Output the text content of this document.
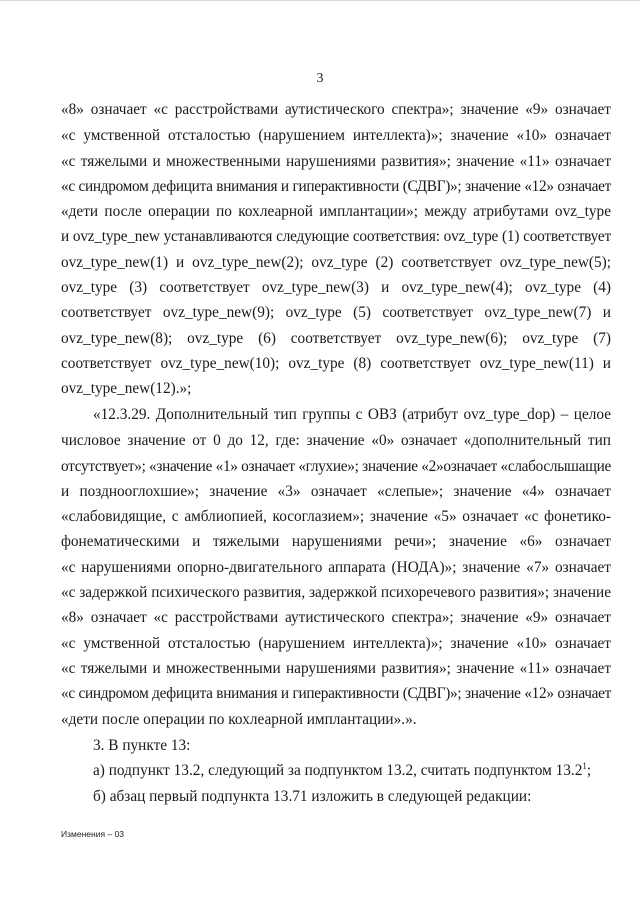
3
«8» означает «с расстройствами аутистического спектра»; значение «9» означает
«с умственной отсталостью (нарушением интеллекта)»; значение «10» означает
«с тяжелыми и множественными нарушениями развития»; значение «11» означает
«с синдромом дефицита внимания и гиперактивности (СДВГ)»; значение «12» означает
«дети после операции по кохлеарной имплантации»; между атрибутами ovz_type
и ovz_type_new устанавливаются следующие соответствия: ovz_type (1) соответствует
ovz_type_new(1) и ovz_type_new(2); ovz_type (2) соответствует ovz_type_new(5);
ovz_type (3) соответствует ovz_type_new(3) и ovz_type_new(4); ovz_type (4)
соответствует ovz_type_new(9); ovz_type (5) соответствует ovz_type_new(7) и
ovz_type_new(8); ovz_type (6) соответствует ovz_type_new(6); ovz_type (7)
соответствует ovz_type_new(10); ovz_type (8) соответствует ovz_type_new(11) и
ovz_type_new(12).»;
«12.3.29. Дополнительный тип группы с ОВЗ (атрибут ovz_type_dop) – целое
числовое значение от 0 до 12, где: значение «0» означает «дополнительный тип
отсутствует»; «значение «1» означает «глухие»; значение «2»означает «слабослышащие
и позднооглохшие»; значение «3» означает «слепые»; значение «4» означает
«слабовидящие, с амблиопией, косоглазием»; значение «5» означает «с фонетико-
фонематическими и тяжелыми нарушениями речи»; значение «6» означает
«с нарушениями опорно-двигательного аппарата (НОДА)»; значение «7» означает
«с задержкой психического развития, задержкой психоречевого развития»; значение
«8» означает «с расстройствами аутистического спектра»; значение «9» означает
«с умственной отсталостью (нарушением интеллекта)»; значение «10» означает
«с тяжелыми и множественными нарушениями развития»; значение «11» означает
«с синдромом дефицита внимания и гиперактивности (СДВГ)»; значение «12» означает
«дети после операции по кохлеарной имплантации».».
3. В пункте 13:
а) подпункт 13.2, следующий за подпунктом 13.2, считать подпунктом 13.2$^1$;
б) абзац первый подпункта 13.71 изложить в следующей редакции:
Изменения – 03
